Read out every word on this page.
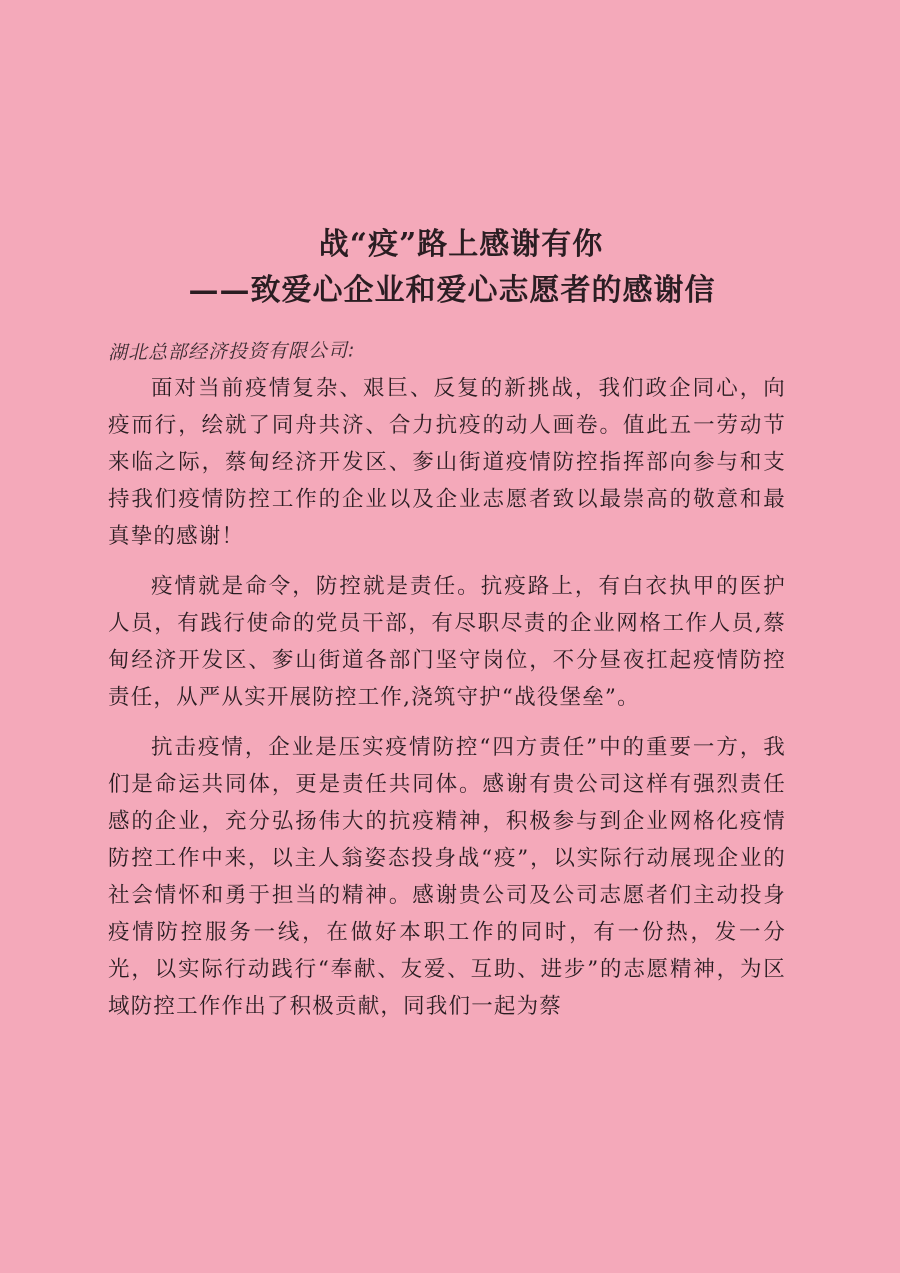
战“疫”路上感谢有你
——致爱心企业和爱心志愿者的感谢信
湖北总部经济投资有限公司:

面对当前疫情复杂、艰巨、反复的新挑战，我们政企同心，向疫而行，绘就了同舟共济、合力抗疫的动人画卷。值此五一劳动节来临之际，蔡甸经济开发区、奓山街道疫情防控指挥部向参与和支持我们疫情防控工作的企业以及企业志愿者致以最崇高的敬意和最真挚的感谢！

疫情就是命令，防控就是责任。抗疫路上，有白衣执甲的医护人员，有践行使命的党员干部，有尽职尽责的企业网格工作人员,蔡甸经济开发区、奓山街道各部门坚守岗位，不分昼夜扛起疫情防控责任，从严从实开展防控工作,浇筑守护“战役堡垒”。

抗击疫情，企业是压实疫情防控“四方责任”中的重要一方，我们是命运共同体，更是责任共同体。感谢有贵公司这样有强烈责任感的企业，充分弘扬伟大的抗疫精神，积极参与到企业网格化疫情防控工作中来，以主人翁姿态投身战“疫”，以实际行动展现企业的社会情怀和勇于担当的精神。感谢贵公司及公司志愿者们主动投身疫情防控服务一线，在做好本职工作的同时，有一份热，发一分光，以实际行动践行“奉献、友爱、互助、进步”的志愿精神，为区域防控工作作出了积极贡献，同我们一起为蔡
